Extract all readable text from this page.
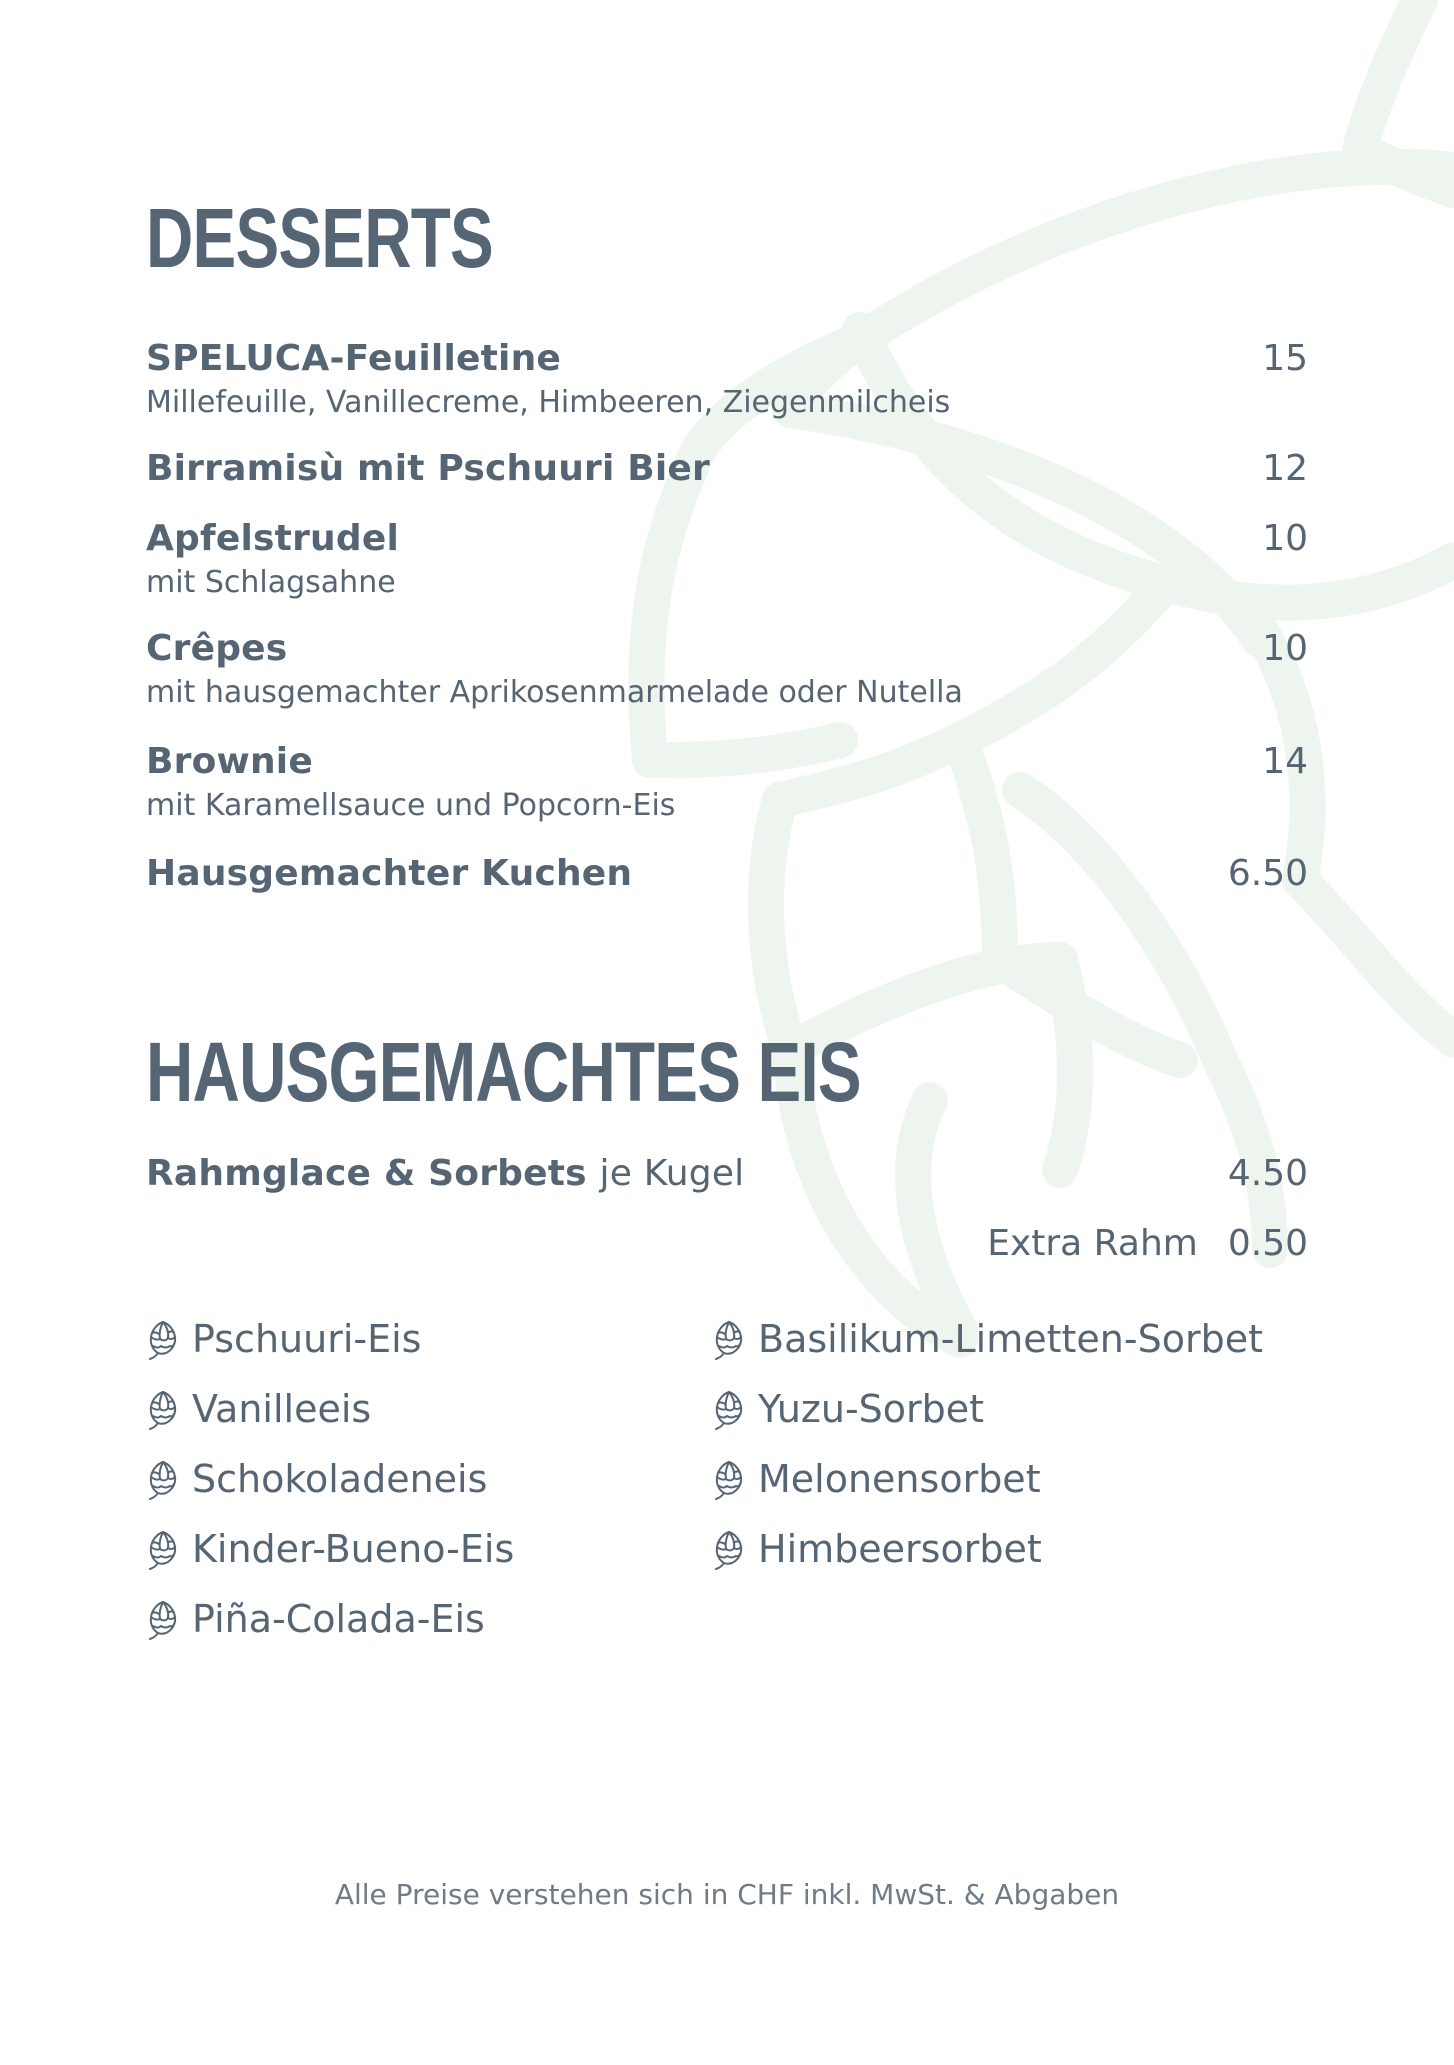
DESSERTS
SPELUCA-Feuilletine	15
Millefeuille, Vanillecreme, Himbeeren, Ziegenmilcheis
Birramisù mit Pschuuri Bier	12
Apfelstrudel	10
mit Schlagsahne
Crêpes	10
mit hausgemachter Aprikosenmarmelade oder Nutella
Brownie	14
mit Karamellsauce und Popcorn-Eis
Hausgemachter Kuchen	6.50
HAUSGEMACHTES EIS
Rahmglace & Sorbets je Kugel	4.50
Extra Rahm 0.50
Pschuuri-Eis
Vanilleeis
Schokoladeneis
Kinder-Bueno-Eis
Piña-Colada-Eis
Basilikum-Limetten-Sorbet
Yuzu-Sorbet
Melonensorbet
Himbeersorbet
Alle Preise verstehen sich in CHF inkl. MwSt. & Abgaben
